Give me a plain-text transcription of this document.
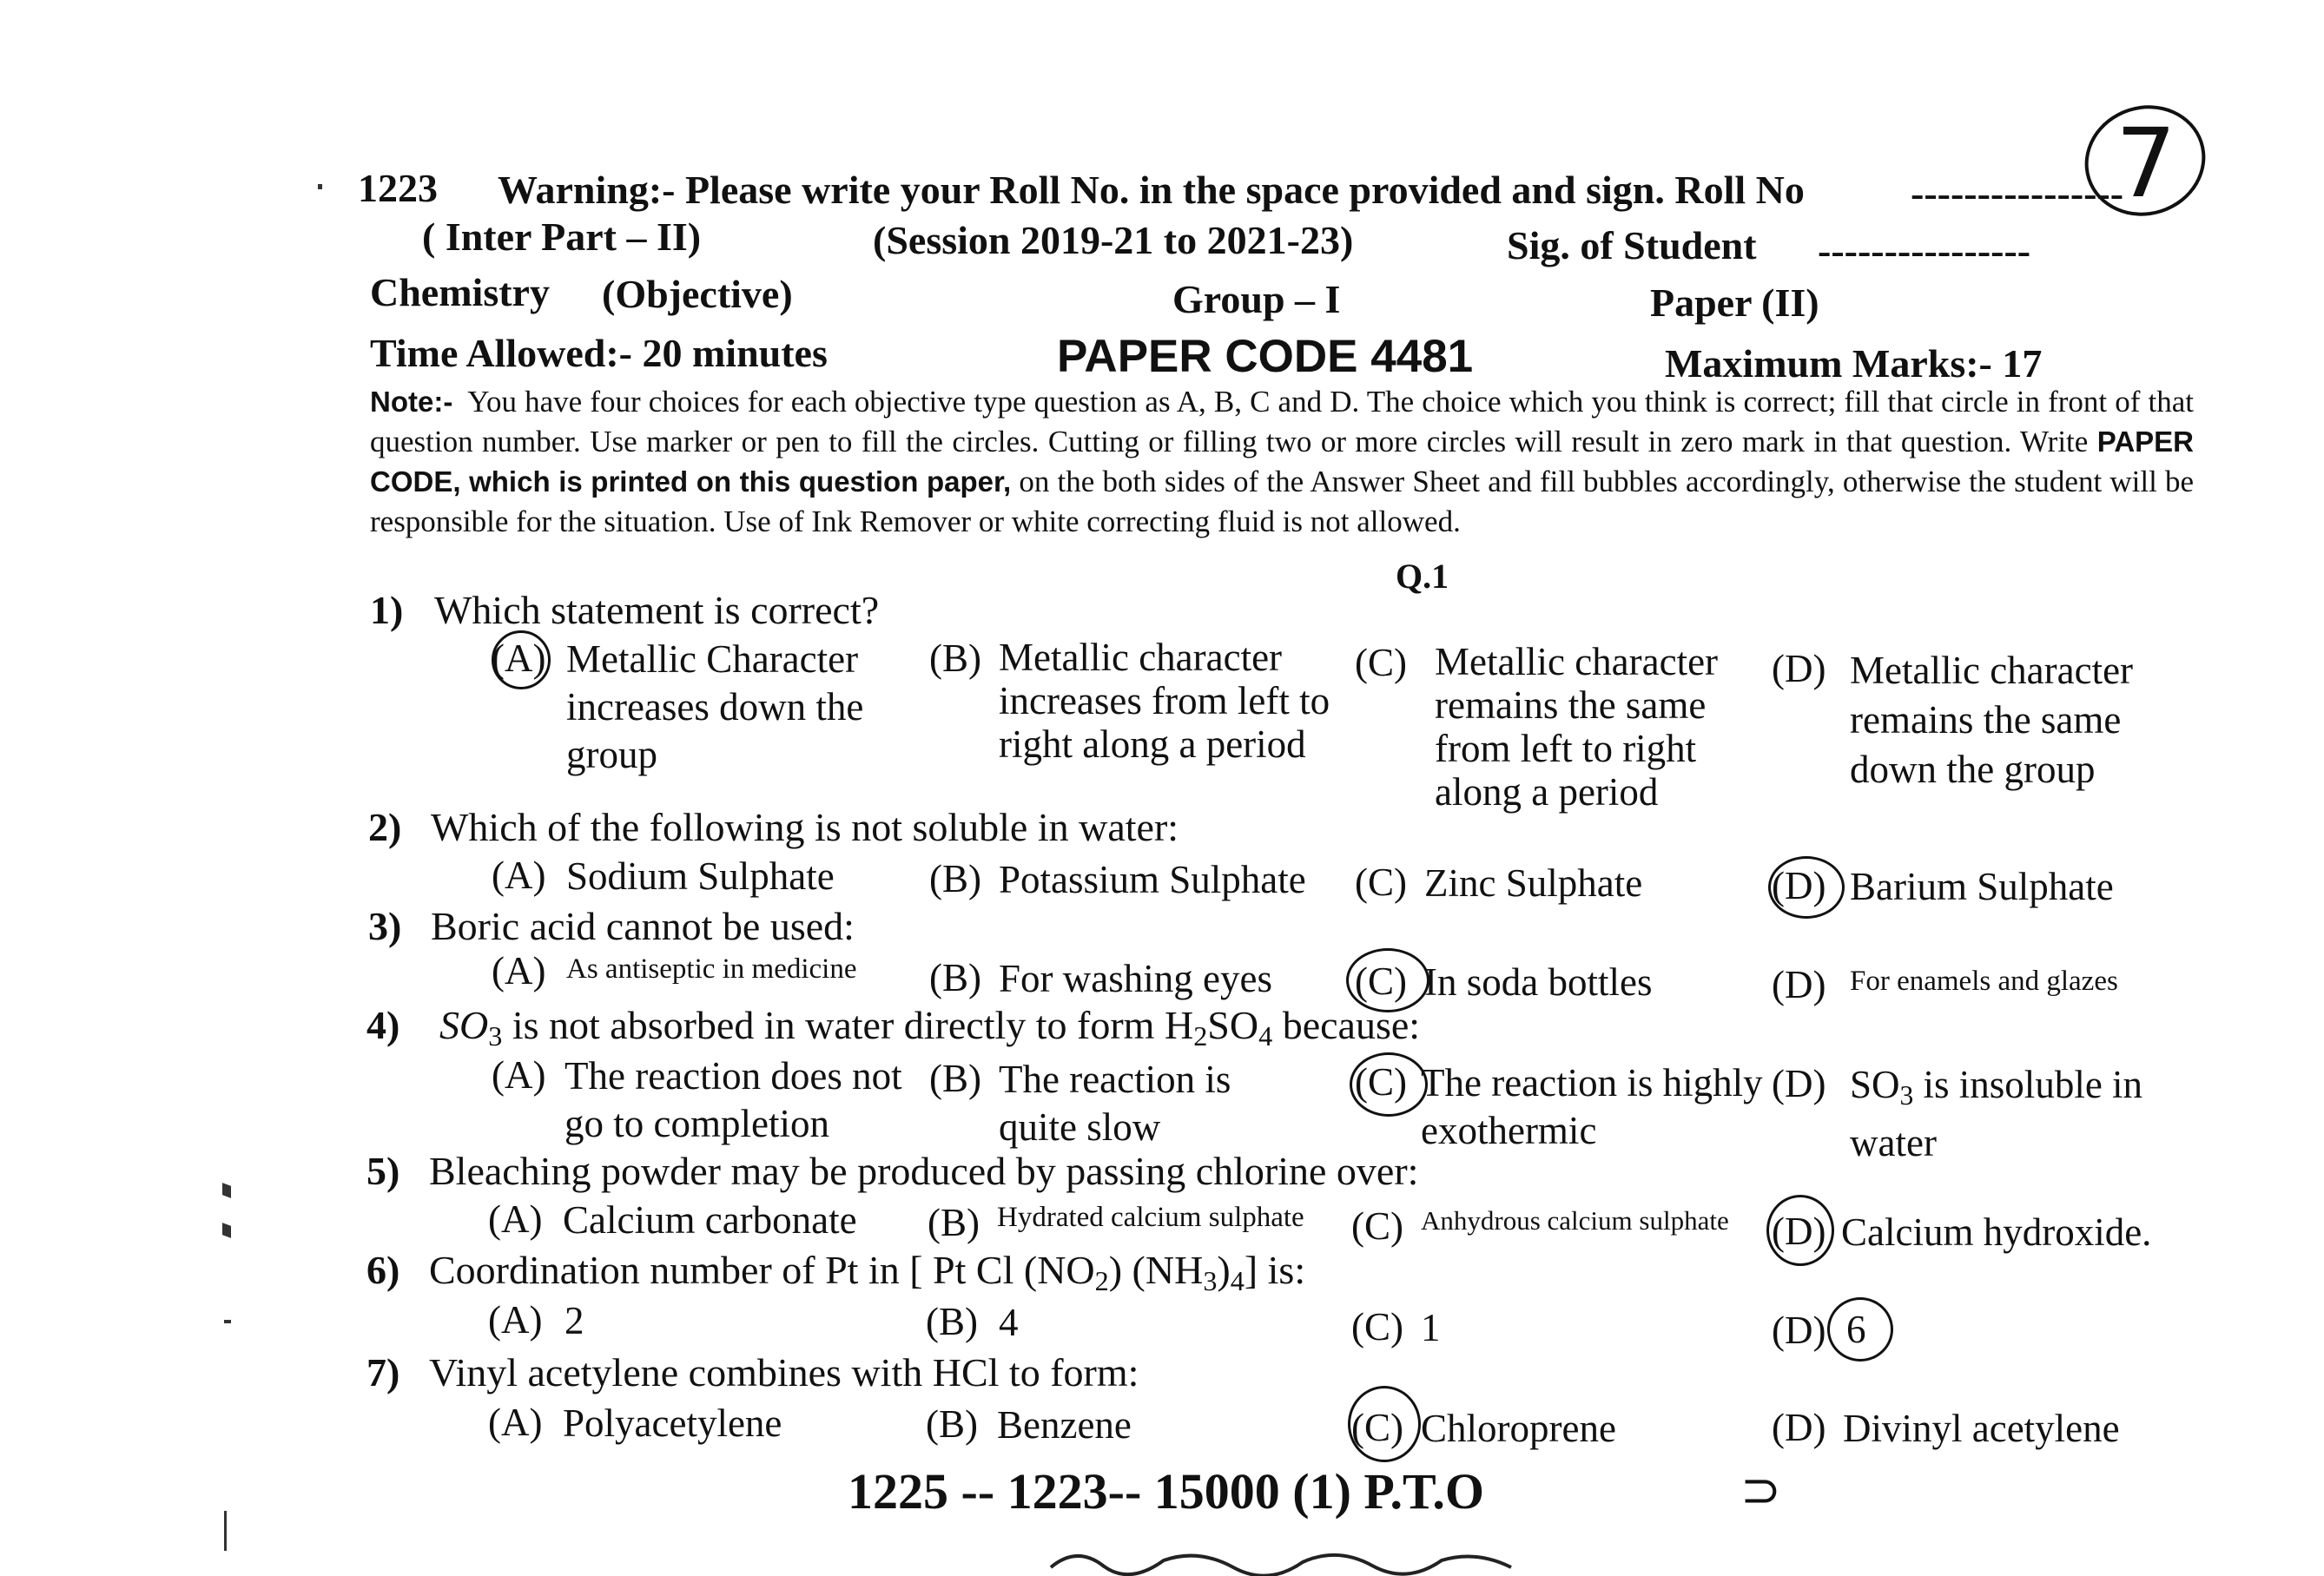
1223 Warning:- Please write your Roll No. in the space provided and sign. Roll No	----------------
7
( Inter Part – II)	(Session 2019-21 to 2021-23)	Sig. of Student ----------------
Chemistry (Objective)	Group – I	Paper (II)
Time Allowed:- 20 minutes	PAPER CODE 4481	Maximum Marks:- 17
Note:- You have four choices for each objective type question as A, B, C and D. The choice which you think is correct; fill that circle in front of that question number. Use marker or pen to fill the circles. Cutting or filling two or more circles will result in zero mark in that question. Write PAPER CODE, which is printed on this question paper, on the both sides of the Answer Sheet and fill bubbles accordingly, otherwise the student will be responsible for the situation. Use of Ink Remover or white correcting fluid is not allowed.
Q.1
1) Which statement is correct?
(A) Metallic Character increases down the group
(B) Metallic character increases from left to right along a period
(C) Metallic character remains the same from left to right along a period
(D) Metallic character remains the same down the group
2) Which of the following is not soluble in water:
(A) Sodium Sulphate (B) Potassium Sulphate (C) Zinc Sulphate	(D) Barium Sulphate
3) Boric acid cannot be used:
(A) As antiseptic in medicine (B) For washing eyes (C) In soda bottles	(D) For enamels and glazes
4) $SO_3$ is not absorbed in water directly to form $H_2SO_4$ because:
(A) The reaction does not go to completion
(B) The reaction is quite slow
(C) The reaction is highly exothermic
(D) $SO_3$ is insoluble in water
5) Bleaching powder may be produced by passing chlorine over:
(A) Calcium carbonate (B) Hydrated calcium sulphate (C) Anhydrous calcium sulphate (D) Calcium hydroxide.
6) Coordination number of Pt in [ Pt Cl $(NO_2)$ $(NH_3)_4$] is:
(A) 2	(B) 4	(C) 1	(D) 6
7) Vinyl acetylene combines with HCl to form:
(A) Polyacetylene	(B) Benzene	(C) Chloroprene	(D) Divinyl acetylene
1225 -- 1223-- 15000 (1) P.T.O	⊃
